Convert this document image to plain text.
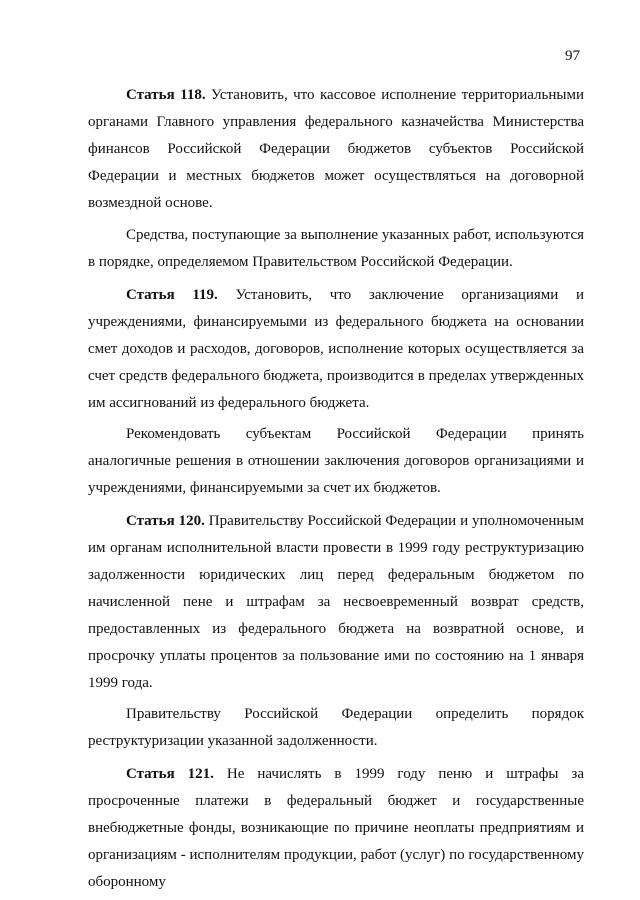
97

Статья 118. Установить, что кассовое исполнение территориальными органами Главного управления федерального казначейства Министерства финансов Российской Федерации бюджетов субъектов Российской Федерации и местных бюджетов может осуществляться на договорной возмездной основе.

Средства, поступающие за выполнение указанных работ, используются в порядке, определяемом Правительством Российской Федерации.

Статья 119. Установить, что заключение организациями и учреждениями, финансируемыми из федерального бюджета на основании смет доходов и расходов, договоров, исполнение которых осуществляется за счет средств федерального бюджета, производится в пределах утвержденных им ассигнований из федерального бюджета.

Рекомендовать субъектам Российской Федерации принять аналогичные решения в отношении заключения договоров организациями и учреждениями, финансируемыми за счет их бюджетов.

Статья 120. Правительству Российской Федерации и уполномоченным им органам исполнительной власти провести в 1999 году реструктуризацию задолженности юридических лиц перед федеральным бюджетом по начисленной пене и штрафам за несвоевременный возврат средств, предоставленных из федерального бюджета на возвратной основе, и просрочку уплаты процентов за пользование ими по состоянию на 1 января 1999 года.

Правительству Российской Федерации определить порядок реструктуризации указанной задолженности.

Статья 121. Не начислять в 1999 году пеню и штрафы за просроченные платежи в федеральный бюджет и государственные внебюджетные фонды, возникающие по причине неоплаты предприятиям и организациям - исполнителям продукции, работ (услуг) по государственному оборонному
